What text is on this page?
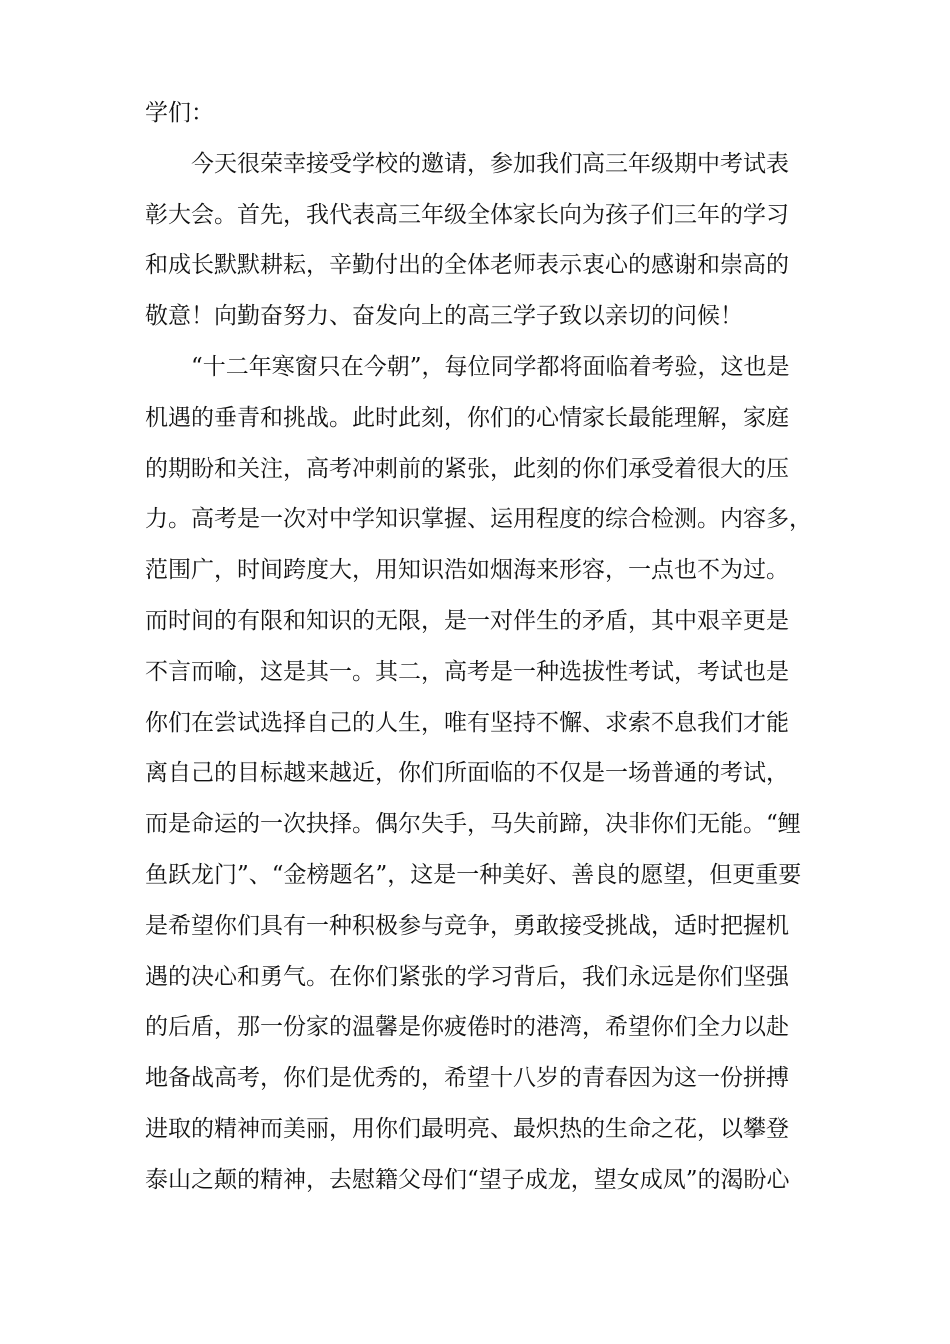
学们：
今天很荣幸接受学校的邀请，参加我们高三年级期中考试表
彰大会。首先，我代表高三年级全体家长向为孩子们三年的学习
和成长默默耕耘，辛勤付出的全体老师表示衷心的感谢和崇高的
敬意！向勤奋努力、奋发向上的高三学子致以亲切的问候！
“十二年寒窗只在今朝”，每位同学都将面临着考验，这也是
机遇的垂青和挑战。此时此刻，你们的心情家长最能理解，家庭
的期盼和关注，高考冲刺前的紧张，此刻的你们承受着很大的压
力。高考是一次对中学知识掌握、运用程度的综合检测。内容多，
范围广，时间跨度大，用知识浩如烟海来形容，一点也不为过。
而时间的有限和知识的无限，是一对伴生的矛盾，其中艰辛更是
不言而喻，这是其一。其二，高考是一种选拔性考试，考试也是
你们在尝试选择自己的人生，唯有坚持不懈、求索不息我们才能
离自己的目标越来越近，你们所面临的不仅是一场普通的考试，
而是命运的一次抉择。偶尔失手，马失前蹄，决非你们无能。“鲤
鱼跃龙门”、“金榜题名”，这是一种美好、善良的愿望，但更重要
是希望你们具有一种积极参与竞争，勇敢接受挑战，适时把握机
遇的决心和勇气。在你们紧张的学习背后，我们永远是你们坚强
的后盾，那一份家的温馨是你疲倦时的港湾，希望你们全力以赴
地备战高考，你们是优秀的，希望十八岁的青春因为这一份拼搏
进取的精神而美丽，用你们最明亮、最炽热的生命之花，以攀登
泰山之颠的精神，去慰籍父母们“望子成龙，望女成凤”的渴盼心
